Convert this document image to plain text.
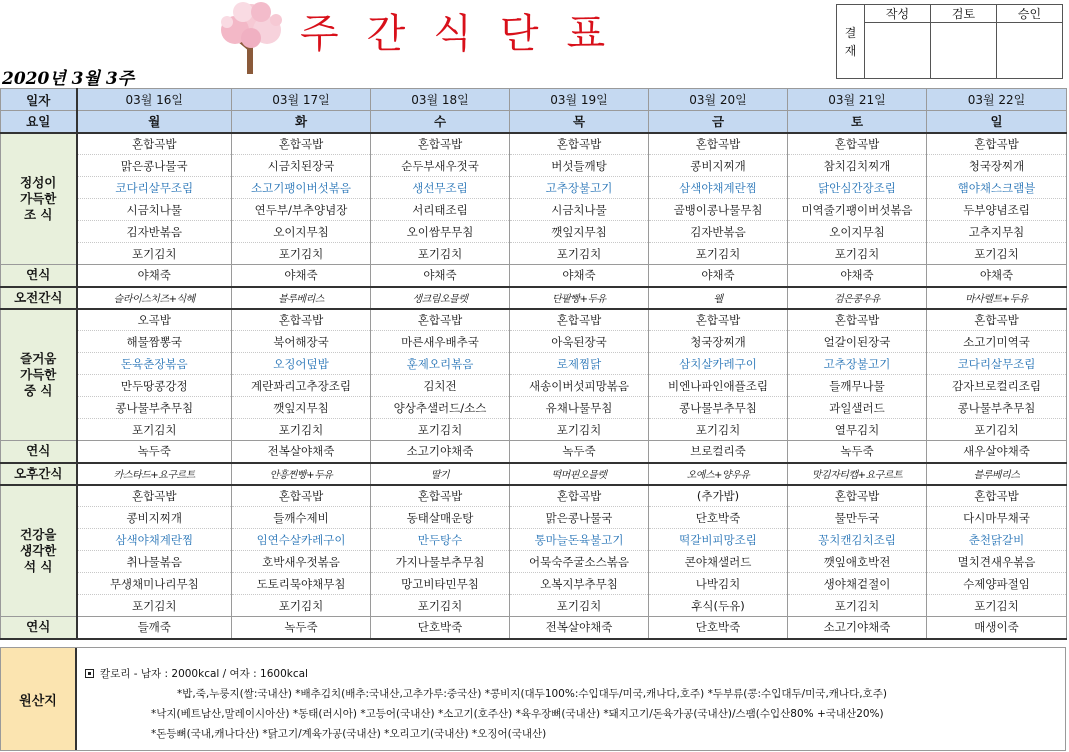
주간식단표
2020년 3월 3주
결
재	작성	검토	승인

일자	03월 16일	03월 17일	03월 18일	03월 19일	03월 20일	03월 21일	03월 22일
요일	월	화	수	목	금	토	일

정성이
가득한
조 식	혼합곡밥	혼합곡밥	혼합곡밥	혼합곡밥	혼합곡밥	혼합곡밥	혼합곡밥
	맑은콩나물국	시금치된장국	순두부새우젓국	버섯들깨탕	콩비지찌개	참치김치찌개	청국장찌개
	코다리살무조림	소고기팽이버섯볶음	생선무조림	고추장불고기	삼색야채계란찜	닭안심간장조림	햄야채스크램블
	시금치나물	연두부/부추양념장	서리태조림	시금치나물	골뱅이콩나물무침	미역줄기팽이버섯볶음	두부양념조림
	김자반볶음	오이지무침	오이쌈무무침	깻잎지무침	김자반볶음	오이지무침	고추지무침
	포기김치	포기김치	포기김치	포기김치	포기김치	포기김치	포기김치
연식	야채죽	야채죽	야채죽	야채죽	야채죽	야채죽	야채죽
오전간식	슬라이스치즈+식혜	블루베리스	생크림오믈렛	단팥빵+두유	웰	검은콩우유	마사렐트+두유

즐거움
가득한
중 식	오곡밥	혼합곡밥	혼합곡밥	혼합곡밥	혼합곡밥	혼합곡밥	혼합곡밥
	해물짬뽕국	북어해장국	마른새우배추국	아욱된장국	청국장찌개	얼갈이된장국	소고기미역국
	돈육춘장볶음	오징어덮밥	훈제오리볶음	로제찜닭	삼치살카레구이	고추장불고기	코다리살무조림
	만두땅콩강정	계란꽈리고추장조림	김치전	새송이버섯피망볶음	비엔나파인애플조림	들깨무나물	감자브로컬리조림
	콩나물부추무침	깻잎지무침	양상추샐러드/소스	유채나물무침	콩나물부추무침	과일샐러드	콩나물부추무침
	포기김치	포기김치	포기김치	포기김치	포기김치	열무김치	포기김치
연식	녹두죽	전복살야채죽	소고기야채죽	녹두죽	브로컬리죽	녹두죽	새우살야채죽
오후간식	카스타드+요구르트	안흥찐빵+두유	딸기	떡머핀오믈렛	오예스+양우유	맛김자티캡+요구르트	블루베리스

건강을
생각한
석 식	혼합곡밥	혼합곡밥	혼합곡밥	혼합곡밥	(추가밥)	혼합곡밥	혼합곡밥
	콩비지찌개	들깨수제비	동태살매운탕	맑은콩나물국	단호박죽	물만두국	다시마무채국
	삼색야채계란찜	임연수살카레구이	만두탕수	통마늘돈육불고기	떡갈비피망조림	꽁치캔김치조림	춘천닭갈비
	취나물볶음	호박새우젓볶음	가지나물부추무침	어묵숙주굴소스볶음	콘야채샐러드	깻잎애호박전	멸치견새우볶음
	무생채미나리무침	도토리묵야채무침	망고비타민무침	오복지부추무침	나박김치	생야채겉절이	수제양파절임
	포기김치	포기김치	포기김치	포기김치	후식(두유)	포기김치	포기김치
연식	들깨죽	녹두죽	단호박죽	전복살야채죽	단호박죽	소고기야채죽	매생이죽
원산지
칼로리 - 남자 : 2000kcal / 여자 : 1600kcal
*밥,죽,누룽지(쌀:국내산) *배추김치(배추:국내산,고추가루:중국산) *콩비지(대두100%:수입대두/미국,캐나다,호주) *두부류(콩:수입대두/미국,캐나다,호주)
*낙지(베트남산,말레이시아산) *동태(러시아) *고등어(국내산) *소고기(호주산) *육우장뼈(국내산) *돼지고기/돈육가공(국내산)/스팸(수입산80% +국내산20%)
*돈등뼈(국내,캐나다산) *닭고기/계육가공(국내산) *오리고기(국내산) *오징어(국내산)
